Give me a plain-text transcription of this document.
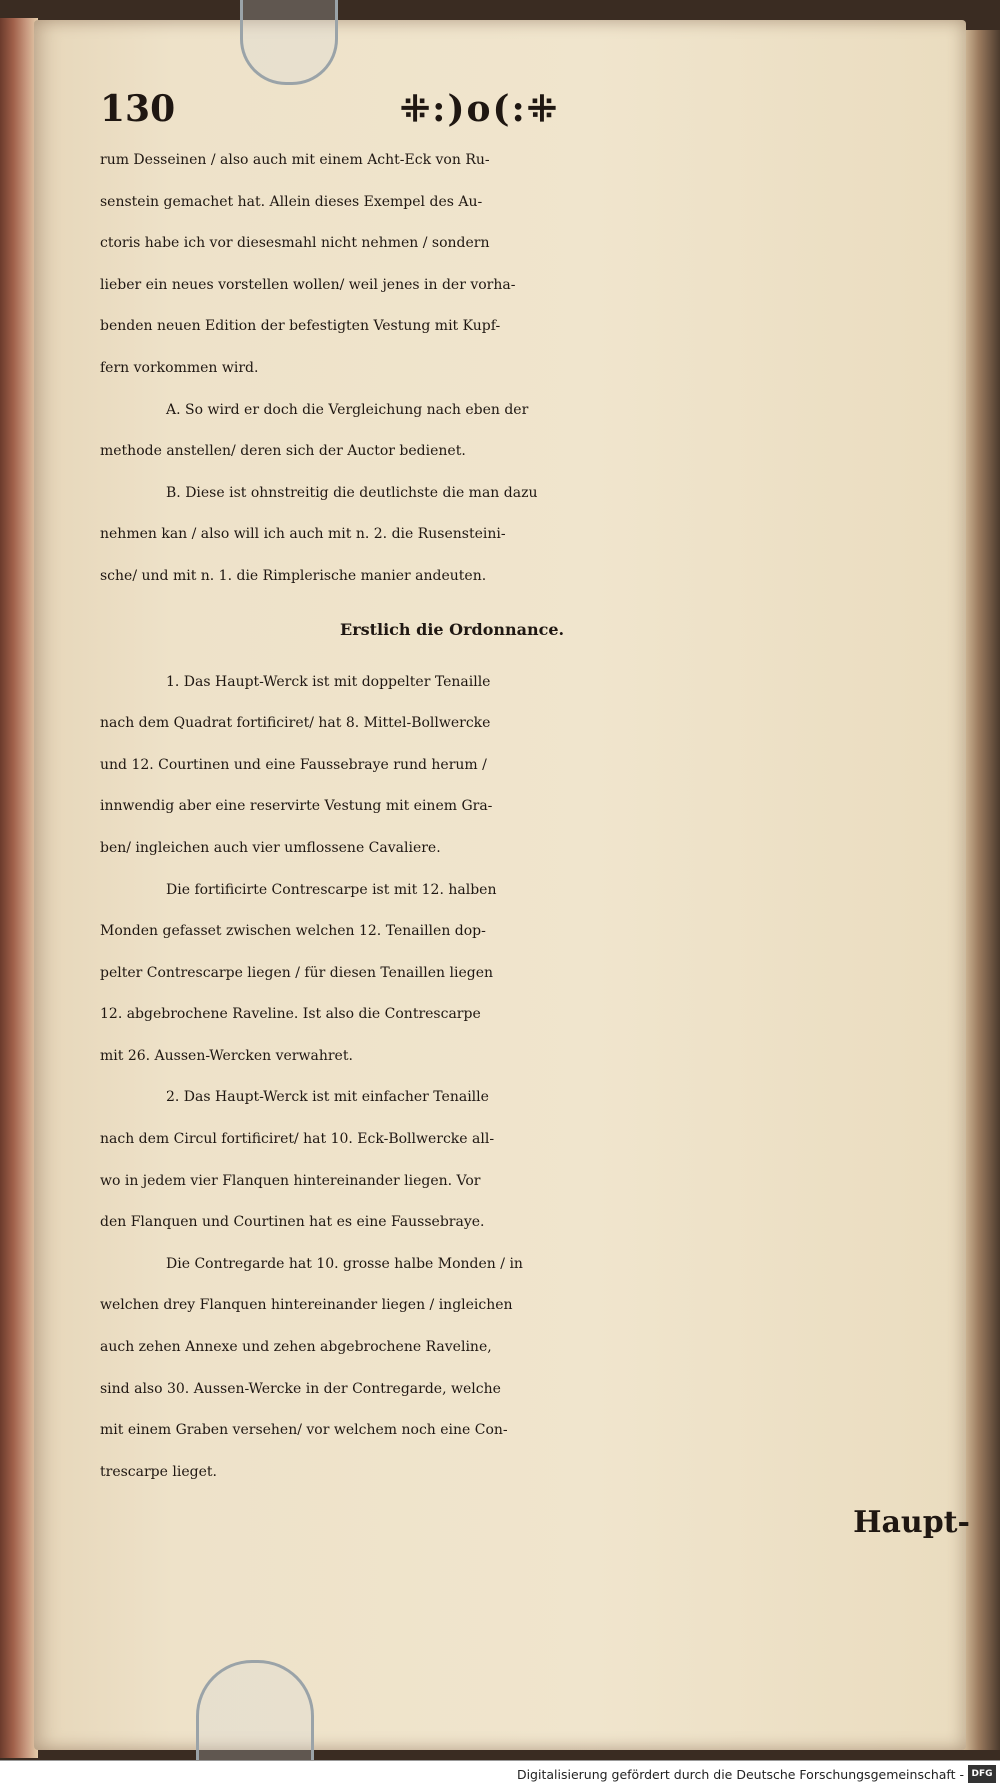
130	⁜:)o(:⁜
rum Desseinen / also auch mit einem Acht-Eck von Ru-
senstein gemachet hat. Allein dieses Exempel des Au-
ctoris habe ich vor diesesmahl nicht nehmen / sondern
lieber ein neues vorstellen wollen/ weil jenes in der vorha-
benden neuen Edition der befestigten Vestung mit Kupf-
fern vorkommen wird.
A. So wird er doch die Vergleichung nach eben der
methode anstellen/ deren sich der Auctor bedienet.
B. Diese ist ohnstreitig die deutlichste die man dazu
nehmen kan / also will ich auch mit n. 2. die Rusensteini-
sche/ und mit n. 1. die Rimplerische manier andeuten.
Erstlich die Ordonnance.
1. Das Haupt-Werck ist mit doppelter Tenaille
nach dem Quadrat fortificiret/ hat 8. Mittel-Bollwercke
und 12. Courtinen und eine Faussebraye rund herum /
innwendig aber eine reservirte Vestung mit einem Gra-
ben/ ingleichen auch vier umflossene Cavaliere.
Die fortificirte Contrescarpe ist mit 12. halben
Monden gefasset zwischen welchen 12. Tenaillen dop-
pelter Contrescarpe liegen / für diesen Tenaillen liegen
12. abgebrochene Raveline. Ist also die Contrescarpe
mit 26. Aussen-Wercken verwahret.
2. Das Haupt-Werck ist mit einfacher Tenaille
nach dem Circul fortificiret/ hat 10. Eck-Bollwercke all-
wo in jedem vier Flanquen hintereinander liegen. Vor
den Flanquen und Courtinen hat es eine Faussebraye.
Die Contregarde hat 10. grosse halbe Monden / in
welchen drey Flanquen hintereinander liegen / ingleichen
auch zehen Annexe und zehen abgebrochene Raveline,
sind also 30. Aussen-Wercke in der Contregarde, welche
mit einem Graben versehen/ vor welchem noch eine Con-
trescarpe lieget.
Haupt-
Digitalisierung gefördert durch die Deutsche Forschungsgemeinschaft - DFG
